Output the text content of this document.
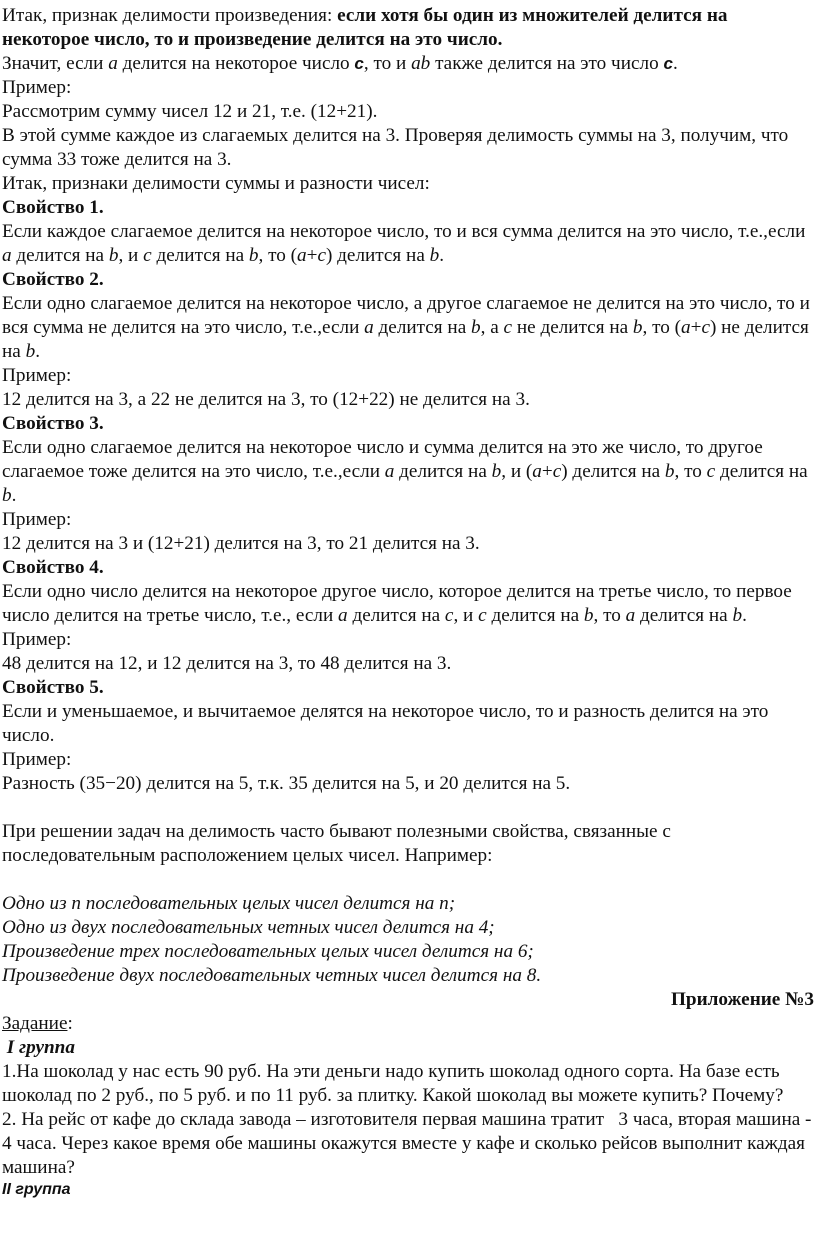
Итак, признак делимости произведения: если хотя бы один из множителей делится на некоторое число, то и произведение делится на это число.

Значит, если a делится на некоторое число c, то и ab также делится на это число c.

Пример:

Рассмотрим сумму чисел 12 и 21, т.е. (12+21).

В этой сумме каждое из слагаемых делится на 3. Проверяя делимость суммы на 3, получим, что сумма 33 тоже делится на 3.

Итак, признаки делимости суммы и разности чисел:

Свойство 1.

Если каждое слагаемое делится на некоторое число, то и вся сумма делится на это число, т.е.,если a делится на b, и c делится на b, то (a+c) делится на b.

Свойство 2.

Если одно слагаемое делится на некоторое число, а другое слагаемое не делится на это число, то и вся сумма не делится на это число, т.е.,если a делится на b, а c не делится на b, то (a+c) не делится на b.

Пример:

12 делится на 3, а 22 не делится на 3, то (12+22) не делится на 3.

Свойство 3.

Если одно слагаемое делится на некоторое число и сумма делится на это же число, то другое слагаемое тоже делится на это число, т.е.,если a делится на b, и (a+c) делится на b, то c делится на b.

Пример:

12 делится на 3 и (12+21) делится на 3, то 21 делится на 3.

Свойство 4.

Если одно число делится на некоторое другое число, которое делится на третье число, то первое число делится на третье число, т.е., если a делится на c, и c делится на b, то a делится на b.

Пример:

48 делится на 12, и 12 делится на 3, то 48 делится на 3.

Свойство 5.

Если и уменьшаемое, и вычитаемое делятся на некоторое число, то и разность делится на это число.

Пример:

Разность (35−20) делится на 5, т.к. 35 делится на 5, и 20 делится на 5.

При решении задач на делимость часто бывают полезными свойства, связанные с последовательным расположением целых чисел. Например:

Одно из n последовательных целых чисел делится на n;

Одно из двух последовательных четных чисел делится на 4;

Произведение трех последовательных целых чисел делится на 6;

Произведение двух последовательных четных чисел делится на 8.

Приложение №3

Задание:

I группа

1.На шоколад у нас есть 90 руб. На эти деньги надо купить шоколад одного сорта. На базе есть шоколад по 2 руб., по 5 руб. и по 11 руб. за плитку. Какой шоколад вы можете купить? Почему?

2. На рейс от кафе до склада завода – изготовителя первая машина тратит   3 часа, вторая машина - 4 часа. Через какое время обе машины окажутся вместе у кафе и сколько рейсов выполнит каждая машина?

II группа
